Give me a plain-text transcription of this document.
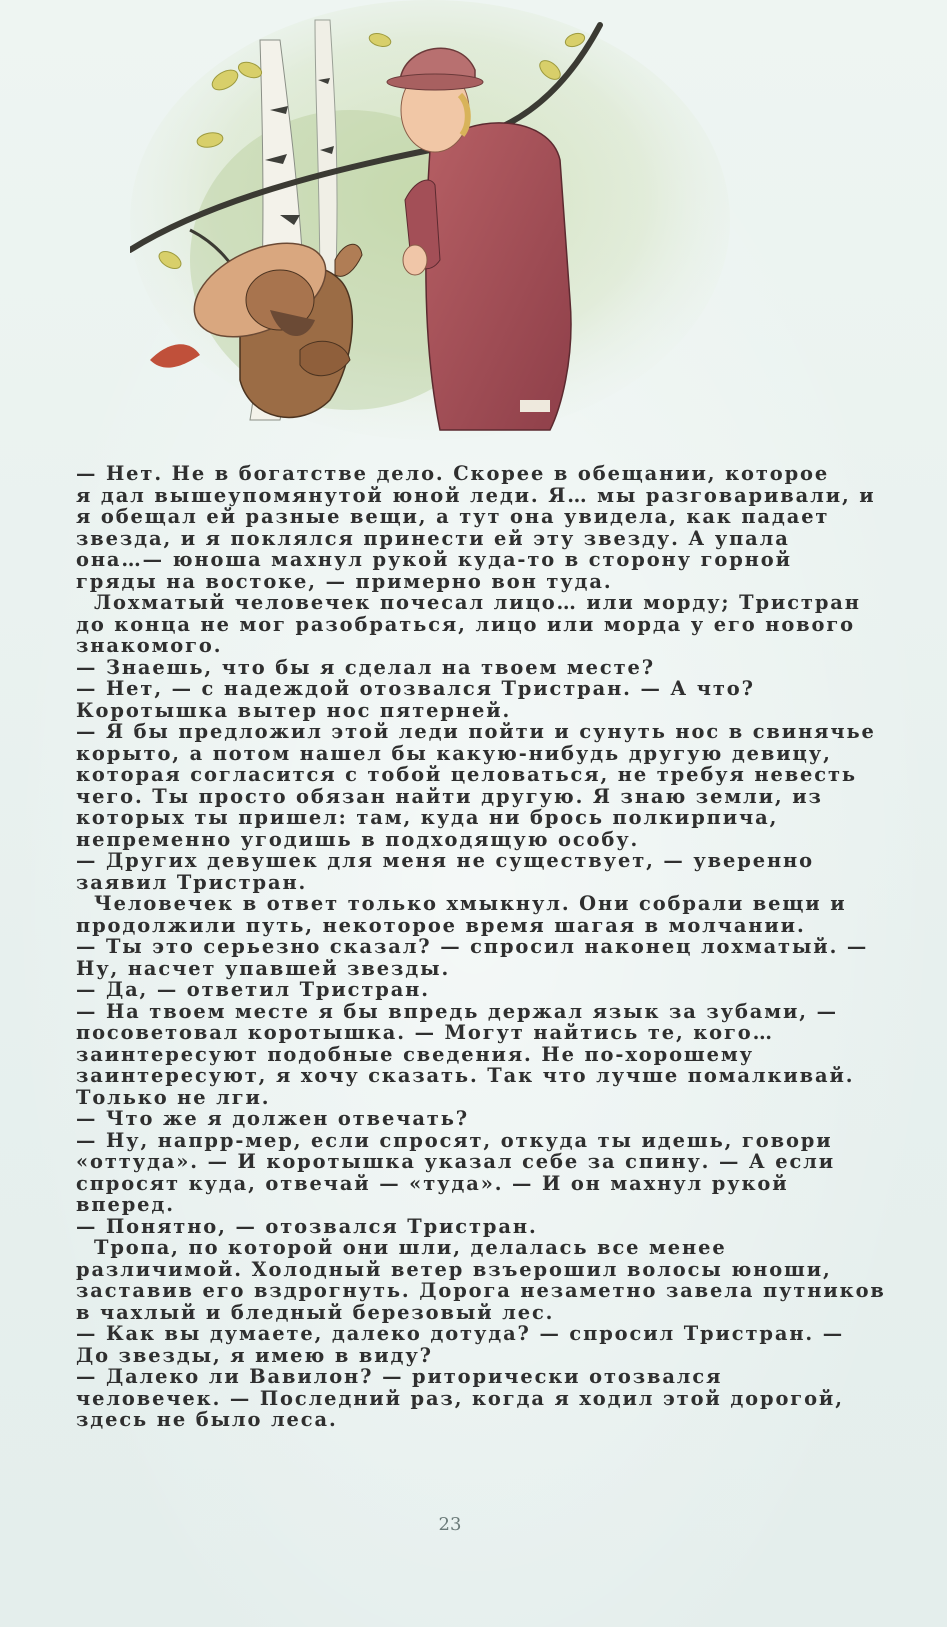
— Нет. Не в богатстве дело. Скорее в обещании, которое

я дал вышеупомянутой юной леди. Я… мы разговаривали, и

я обещал ей разные вещи, а тут она увидела, как падает

звезда, и я поклялся принести ей эту звезду. А упала

она…— юноша махнул рукой куда-то в сторону горной

гряды на востоке, — примерно вон туда.

Лохматый человечек почесал лицо… или морду; Тристран

до конца не мог разобраться, лицо или морда у его нового

знакомого.

— Знаешь, что бы я сделал на твоем месте?

— Нет, — с надеждой отозвался Тристран. — А что?

Коротышка вытер нос пятерней.

— Я бы предложил этой леди пойти и сунуть нос в свинячье

корыто, а потом нашел бы какую-нибудь другую девицу,

которая согласится с тобой целоваться, не требуя невесть

чего. Ты просто обязан найти другую. Я знаю земли, из

которых ты пришел: там, куда ни брось полкирпича,

непременно угодишь в подходящую особу.

— Других девушек для меня не существует, — уверенно

заявил Тристран.

Человечек в ответ только хмыкнул. Они собрали вещи и

продолжили путь, некоторое время шагая в молчании.

— Ты это серьезно сказал? — спросил наконец лохматый. —

Ну, насчет упавшей звезды.

— Да, — ответил Тристран.

— На твоем месте я бы впредь держал язык за зубами, —

посоветовал коротышка. — Могут найтись те, кого…

заинтересуют подобные сведения. Не по-хорошему

заинтересуют, я хочу сказать. Так что лучше помалкивай.

Только не лги.

— Что же я должен отвечать?

— Ну, напрр-мер, если спросят, откуда ты идешь, говори

«оттуда». — И коротышка указал себе за спину. — А если

спросят куда, отвечай — «туда». — И он махнул рукой

вперед.

— Понятно, — отозвался Тристран.

Тропа, по которой они шли, делалась все менее

различимой. Холодный ветер взъерошил волосы юноши,

заставив его вздрогнуть. Дорога незаметно завела путников

в чахлый и бледный березовый лес.

— Как вы думаете, далеко дотуда? — спросил Тристран. —

До звезды, я имею в виду?

— Далеко ли Вавилон? — риторически отозвался

человечек. — Последний раз, когда я ходил этой дорогой,

здесь не было леса.

23
